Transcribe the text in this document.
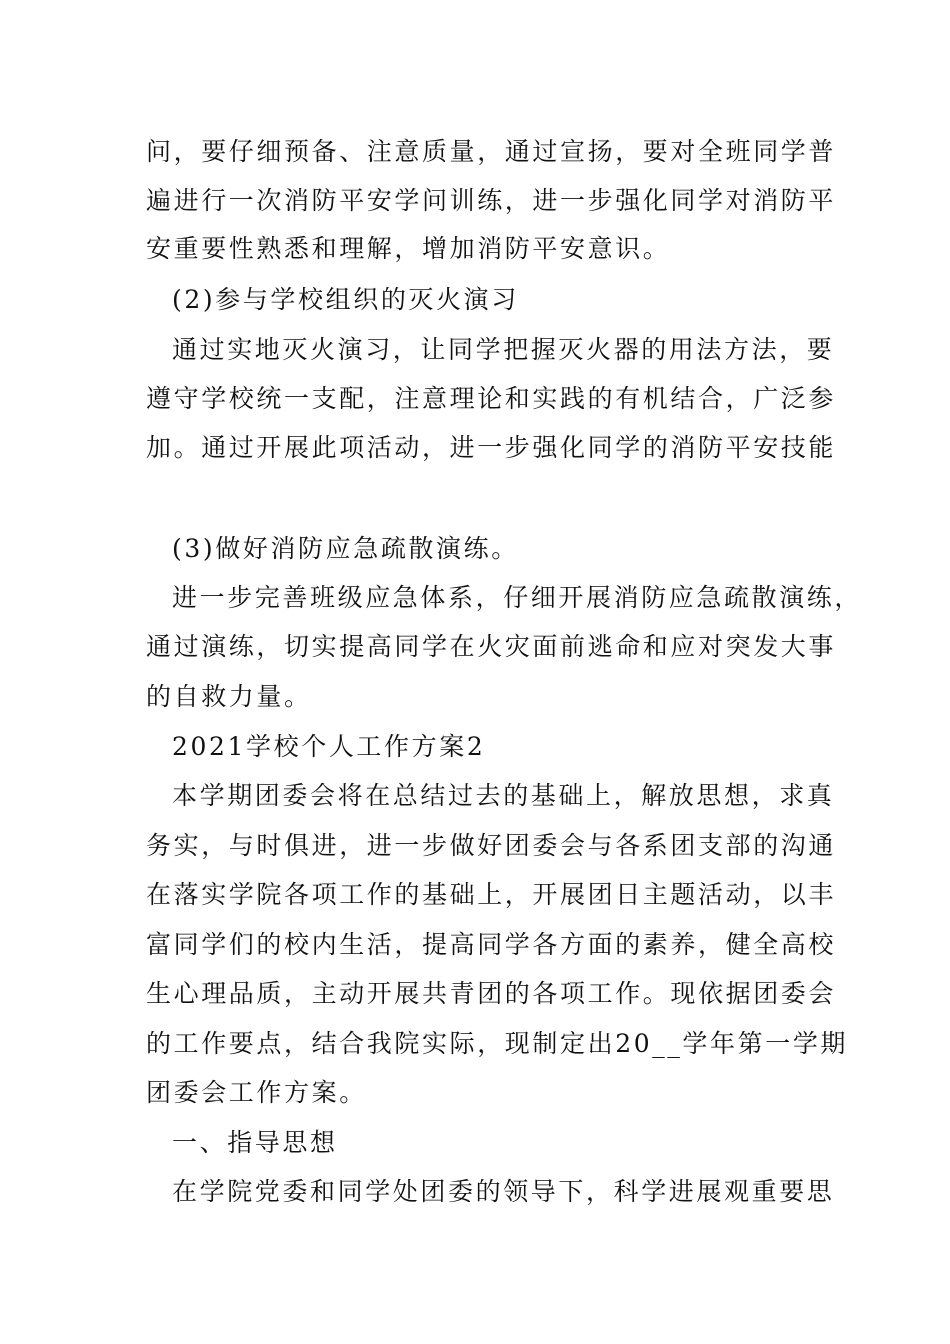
问，要仔细预备、注意质量，通过宣扬，要对全班同学普
遍进行一次消防平安学问训练，进一步强化同学对消防平
安重要性熟悉和理解，增加消防平安意识。
(2)参与学校组织的灭火演习
通过实地灭火演习，让同学把握灭火器的用法方法，要
遵守学校统一支配，注意理论和实践的有机结合，广泛参
加。通过开展此项活动，进一步强化同学的消防平安技能
(3)做好消防应急疏散演练。
进一步完善班级应急体系，仔细开展消防应急疏散演练，
通过演练，切实提高同学在火灾面前逃命和应对突发大事
的自救力量。
2021学校个人工作方案2
本学期团委会将在总结过去的基础上，解放思想，求真
务实，与时俱进，进一步做好团委会与各系团支部的沟通
在落实学院各项工作的基础上，开展团日主题活动，以丰
富同学们的校内生活，提高同学各方面的素养，健全高校
生心理品质，主动开展共青团的各项工作。现依据团委会
的工作要点，结合我院实际，现制定出20__学年第一学期
团委会工作方案。
一、指导思想
在学院党委和同学处团委的领导下，科学进展观重要思
